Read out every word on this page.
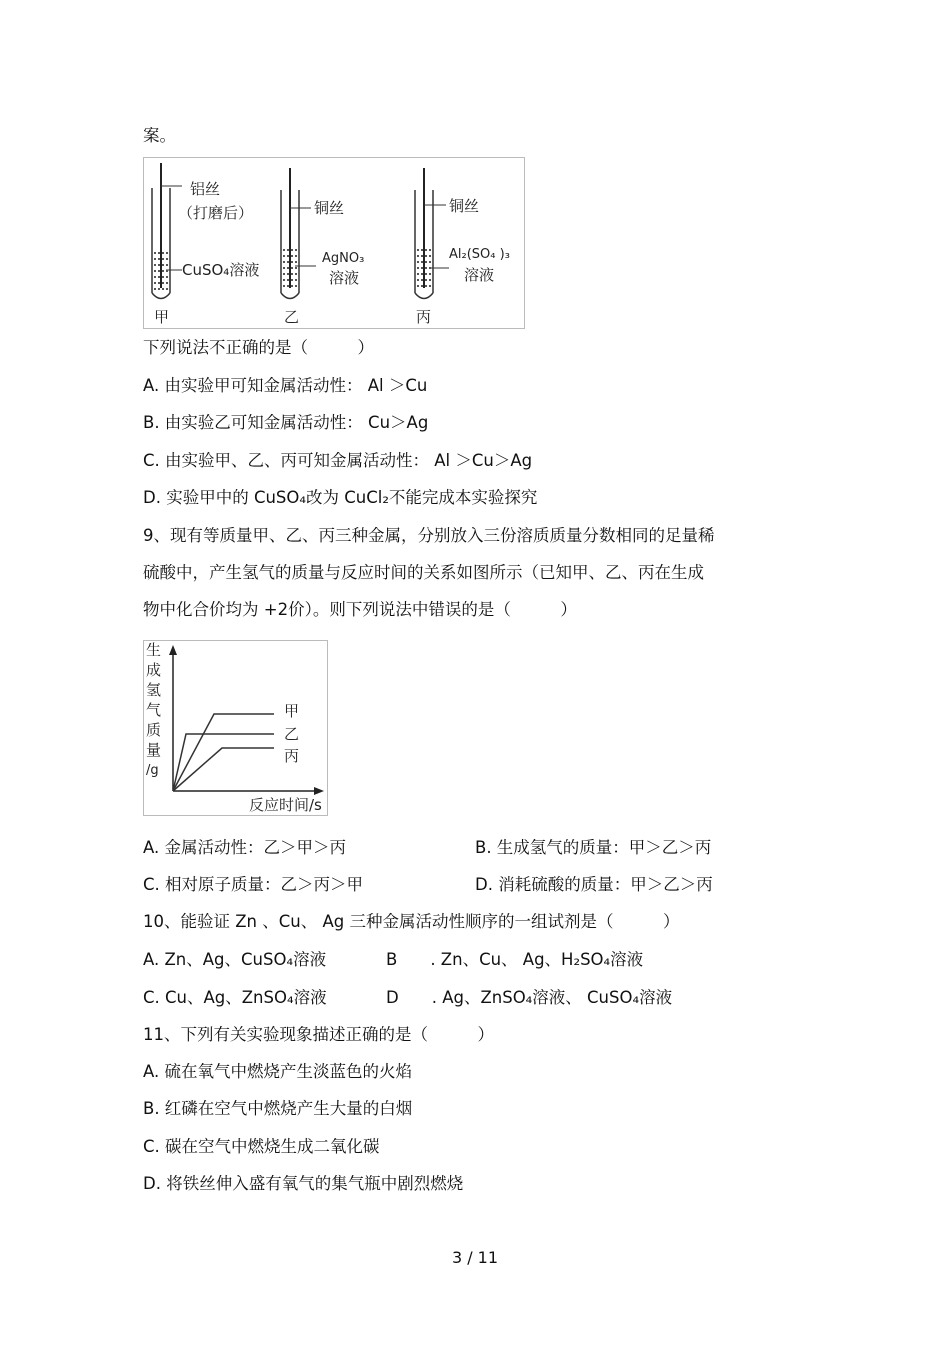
案。
铝丝
（打磨后）
CuSO₄溶液
甲
铜丝
AgNO₃
溶液
乙
铜丝
Al₂(SO₄ )₃
溶液
丙
下列说法不正确的是（　　　）
A. 由实验甲可知金属活动性： Al ＞Cu
B. 由实验乙可知金属活动性： Cu＞Ag
C. 由实验甲、乙、丙可知金属活动性： Al ＞Cu＞Ag
D. 实验甲中的 CuSO₄改为 CuCl₂不能完成本实验探究
9、现有等质量甲、乙、丙三种金属，分别放入三份溶质质量分数相同的足量稀
硫酸中，产生氢气的质量与反应时间的关系如图所示（已知甲、乙、丙在生成
物中化合价均为 +2价）。则下列说法中错误的是（　　　）
生
成
氢
气
质
量
/g
甲
乙
丙
反应时间/s
A. 金属活动性：乙＞甲＞丙	B. 生成氢气的质量：甲＞乙＞丙
C. 相对原子质量：乙＞丙＞甲	D. 消耗硫酸的质量：甲＞乙＞丙
10、能验证 Zn 、Cu、 Ag 三种金属活动性顺序的一组试剂是（　　　）
A. Zn、Ag、CuSO₄溶液	B　　. Zn、Cu、 Ag、H₂SO₄溶液
C. Cu、Ag、ZnSO₄溶液	D　　. Ag、ZnSO₄溶液、 CuSO₄溶液
11、下列有关实验现象描述正确的是（　　　）
A. 硫在氧气中燃烧产生淡蓝色的火焰
B. 红磷在空气中燃烧产生大量的白烟
C. 碳在空气中燃烧生成二氧化碳
D. 将铁丝伸入盛有氧气的集气瓶中剧烈燃烧
3 / 11
